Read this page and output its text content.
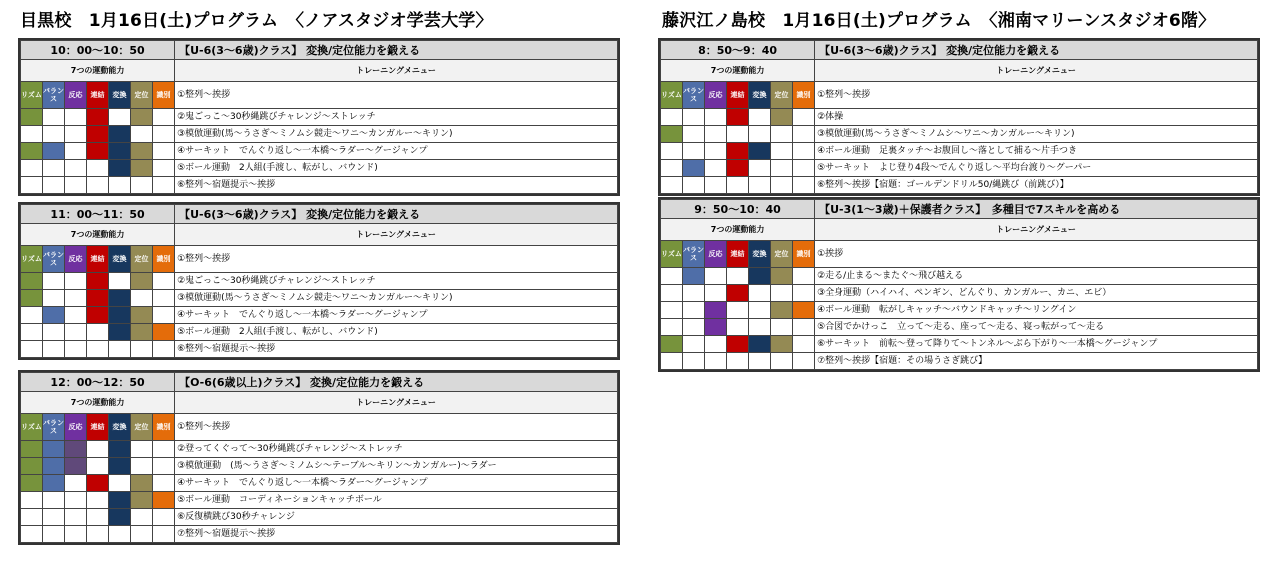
目黒校　1月16日(土)プログラム　〈ノアスタジオ学芸大学〉	藤沢江ノ島校　1月16日(土)プログラム　〈湘南マリーンスタジオ6階〉
10：00〜10：50							【U-6(3〜6歳)クラス】 変換/定位能力を鍛える
7つの運動能力							トレーニングメニュー
リズム	バランス	反応	連結	変換	定位	識別	①整列〜挨拶
							②鬼ごっこ〜30秒縄跳びチャレンジ〜ストレッチ
							③模倣運動(馬〜うさぎ〜ミノムシ競走〜ワニ〜カンガルー〜キリン)
							④サーキット　でんぐり返し〜一本橋〜ラダー〜グージャンプ
							⑤ボール運動　2人組(手渡し、転がし、バウンド)
							⑥整列〜宿題提示〜挨拶
11：00〜11：50							【U-6(3〜6歳)クラス】 変換/定位能力を鍛える
7つの運動能力							トレーニングメニュー
リズム	バランス	反応	連結	変換	定位	識別	①整列〜挨拶
							②鬼ごっこ〜30秒縄跳びチャレンジ〜ストレッチ
							③模倣運動(馬〜うさぎ〜ミノムシ競走〜ワニ〜カンガルー〜キリン)
							④サーキット　でんぐり返し〜一本橋〜ラダー〜グージャンプ
							⑤ボール運動　2人組(手渡し、転がし、バウンド)
							⑥整列〜宿題提示〜挨拶
12：00〜12：50							【O-6(6歳以上)クラス】 変換/定位能力を鍛える
7つの運動能力							トレーニングメニュー
リズム	バランス	反応	連結	変換	定位	識別	①整列〜挨拶
							②登ってくぐって〜30秒縄跳びチャレンジ〜ストレッチ
							③模倣運動　(馬〜うさぎ〜ミノムシ〜テーブル〜キリン〜カンガルー)〜ラダー
							④サーキット　でんぐり返し〜一本橋〜ラダー〜グージャンプ
							⑤ボール運動　コーディネーションキャッチボール
							⑥反復横跳び30秒チャレンジ
							⑦整列〜宿題提示〜挨拶
8：50〜9：40							【U-6(3〜6歳)クラス】 変換/定位能力を鍛える
7つの運動能力							トレーニングメニュー
リズム	バランス	反応	連結	変換	定位	識別	①整列〜挨拶
							②体操
							③模倣運動(馬〜うさぎ〜ミノムシ〜ワニ〜カンガルー〜キリン)
							④ボール運動　足裏タッチ〜お腹回し〜落として捕る〜片手つき
							⑤サーキット　よじ登り4段〜でんぐり返し〜平均台渡り〜グーパー
							⑥整列〜挨拶【宿題：ゴールデンドリル50/縄跳び（前跳び）】
9：50〜10：40							【U-3(1〜3歳)＋保護者クラス】　多種目で7スキルを高める
7つの運動能力							トレーニングメニュー
リズム	バランス	反応	連結	変換	定位	識別	①挨拶
							②走る/止まる〜またぐ〜飛び越える
							③全身運動（ハイハイ、ペンギン、どんぐり、カンガルー、カニ、エビ）
							④ボール運動　転がしキャッチ〜バウンドキャッチ〜リングイン
							⑤合図でかけっこ　立って〜走る、座って〜走る、寝っ転がって〜走る
							⑥サーキット　前転〜登って降りて〜トンネル〜ぶら下がり〜一本橋〜グージャンプ
							⑦整列〜挨拶【宿題：その場うさぎ跳び】
